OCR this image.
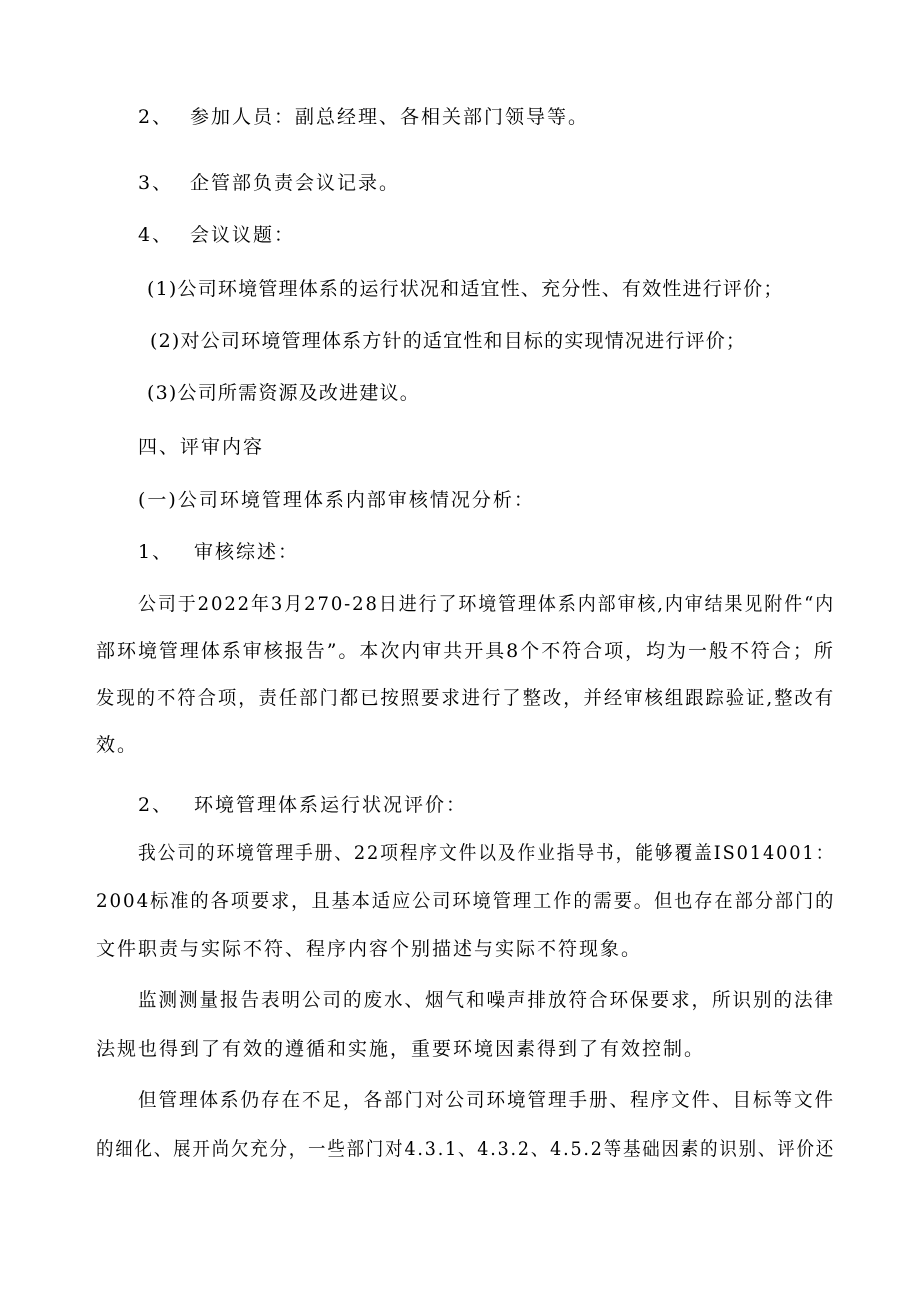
2、 参加人员：副总经理、各相关部门领导等。
3、 企管部负责会议记录。
4、 会议议题：
(1)公司环境管理体系的运行状况和适宜性、充分性、有效性进行评价；
(2)对公司环境管理体系方针的适宜性和目标的实现情况进行评价；
(3)公司所需资源及改进建议。
四、评审内容
(一)公司环境管理体系内部审核情况分析：
1、 审核综述：
公司于2022年3月270-28日进行了环境管理体系内部审核,内审结果见附件“内
部环境管理体系审核报告”。本次内审共开具8个不符合项，均为一般不符合；所
发现的不符合项，责任部门都已按照要求进行了整改，并经审核组跟踪验证,整改有
效。
2、 环境管理体系运行状况评价：
我公司的环境管理手册、22项程序文件以及作业指导书，能够覆盖IS014001：
2004标准的各项要求，且基本适应公司环境管理工作的需要。但也存在部分部门的
文件职责与实际不符、程序内容个别描述与实际不符现象。
监测测量报告表明公司的废水、烟气和噪声排放符合环保要求，所识别的法律
法规也得到了有效的遵循和实施，重要环境因素得到了有效控制。
但管理体系仍存在不足，各部门对公司环境管理手册、程序文件、目标等文件
的细化、展开尚欠充分，一些部门对4.3.1、4.3.2、4.5.2等基础因素的识别、评价还
